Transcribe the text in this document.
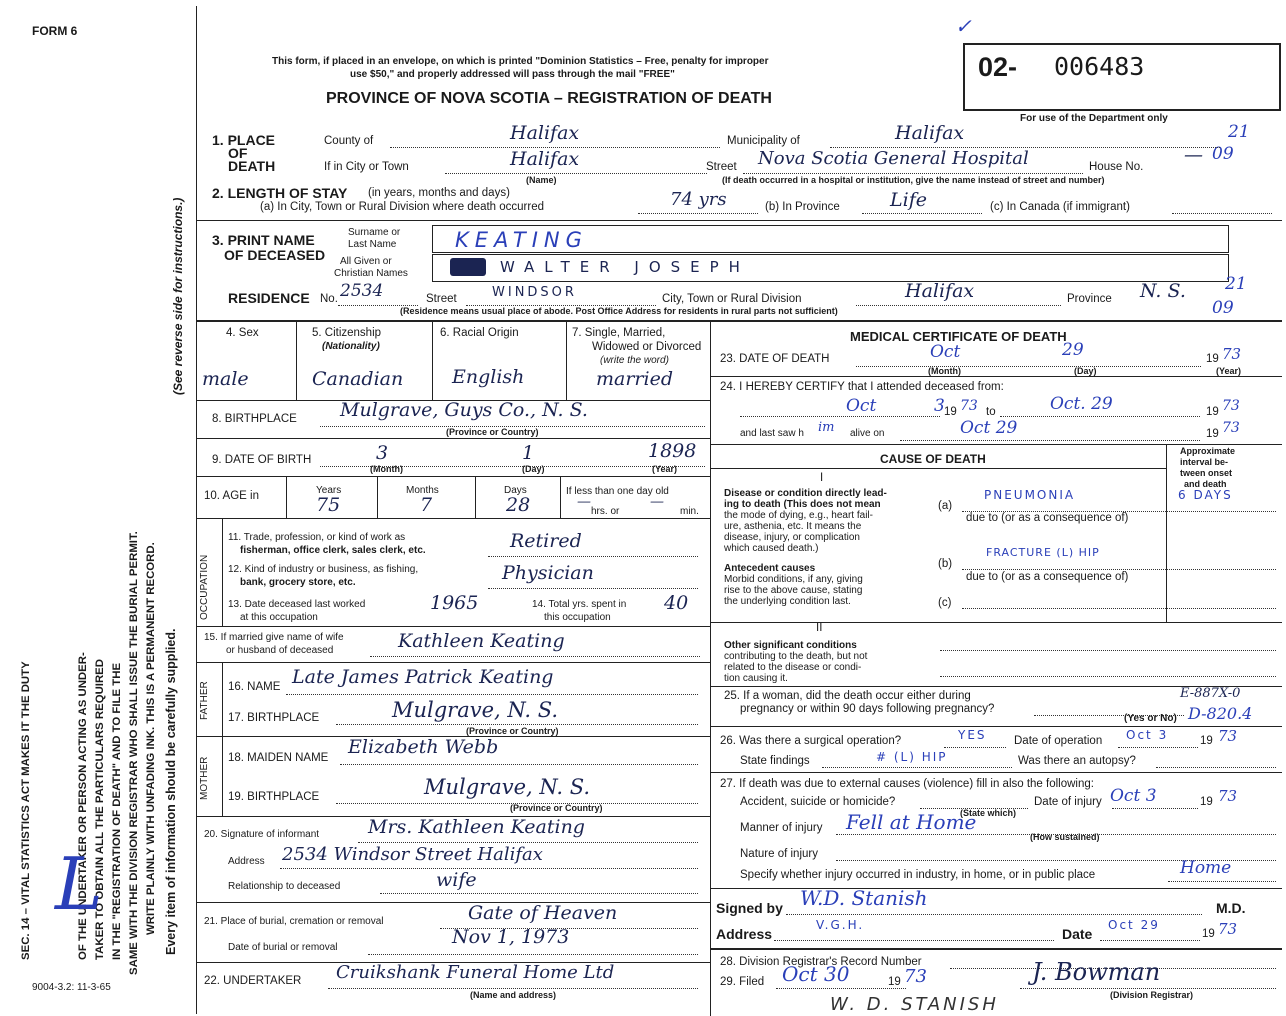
FORM 6
SEC. 14 – VITAL STATISTICS ACT MAKES IT THE DUTY	OF THE UNDERTAKER OR PERSON ACTING AS UNDER- TAKER TO OBTAIN ALL THE PARTICULARS REQUIRED IN THE "REGISTRATION OF DEATH" AND TO FILE THE SAME WITH THE DIVISION REGISTRAR WHO SHALL ISSUE THE BURIAL PERMIT. WRITE PLAINLY WITH UNFADING INK. THIS IS A PERMANENT RECORD. Every item of information should be carefully supplied.
(See reverse side for instructions.)
L
9004-3.2: 11-3-65
This form, if placed in an envelope, on which is printed "Dominion Statistics – Free, penalty for improper
use $50," and properly addressed will pass through the mail "FREE"
PROVINCE OF NOVA SCOTIA – REGISTRATION OF DEATH
02- 006483
For use of the Department only
21
09
✓
1. PLACE
OF
DEATH
County of	Halifax	Municipality of	Halifax
If in City or Town	Halifax
(Name)
Street Nova Scotia General Hospital	House No.
—
(If death occurred in a hospital or institution, give the name instead of street and number)
2. LENGTH OF STAY (in years, months and days)
(a) In City, Town or Rural Division where death occurred	74 yrs	(b) In Province	Life	(c) In Canada (if immigrant)
3. PRINT NAME
OF DECEASED
Surname or
Last Name
All Given or
Christian Names
KEATING
WALTER JOSEPH
RESIDENCE No. 2534	Street	WINDSOR	City, Town or Rural Division	Halifax	Province N. S. 21
09
(Residence means usual place of abode. Post Office Address for residents in rural parts not sufficient)
4. Sex
male
5. Citizenship
(Nationality)
Canadian
6. Racial Origin
English
7. Single, Married,
Widowed or Divorced
(write the word)
married
8. BIRTHPLACE Mulgrave, Guys Co., N. S.
(Province or Country)
9. DATE OF BIRTH	3	1	1898
(Month)	(Day)	(Year)
10. AGE in	Years
75
Months
7
Days
28
If less than one day old
—
hrs. or
—
min.
OCCUPATION
11. Trade, profession, or kind of work as
fisherman, office clerk, sales clerk, etc.	Retired
12. Kind of industry or business, as fishing,
bank, grocery store, etc.	Physician
13. Date deceased last worked
at this occupation
1965	14. Total yrs. spent in
this occupation
40
15. If married give name of wife
or husband of deceased	Kathleen Keating
FATHER 16. NAME Late James Patrick Keating
17. BIRTHPLACE	Mulgrave, N. S.
(Province or Country)
MOTHER 18. MAIDEN NAME Elizabeth Webb
19. BIRTHPLACE	Mulgrave, N. S.
(Province or Country)
20. Signature of informant	Mrs. Kathleen Keating
Address 2534 Windsor Street Halifax
Relationship to deceased	wife
21. Place of burial, cremation or removal	Gate of Heaven
Date of burial or removal	Nov 1, 1973
22. UNDERTAKER Cruikshank Funeral Home Ltd
(Name and address)
MEDICAL CERTIFICATE OF DEATH
23. DATE OF DEATH	Oct	29	19 73
(Month)	(Day)	(Year)
24. I HEREBY CERTIFY that I attended deceased from:
Oct	3 19 73 to	Oct. 29	19 73
and last saw h im alive on	Oct 29	19 73
CAUSE OF DEATH
Approximate
interval be-
tween onset
and death
I
Disease or condition directly lead-
ing to death (This does not mean
the mode of dying, e.g., heart fail-
ure, asthenia, etc. It means the
disease, injury, or complication
which caused death.)
(a)
PNEUMONIA	6 DAYS
due to (or as a consequence of)
Antecedent causes
Morbid conditions, if any, giving
rise to the above cause, stating
the underlying condition last.
(b)
FRACTURE (L) HIP
due to (or as a consequence of)
(c)
II
Other significant conditions
contributing to the death, but not
related to the disease or condi-
tion causing it.
25. If a woman, did the death occur either during
pregnancy or within 90 days following pregnancy?
E-887X-0
(Yes or No) D-820.4
26. Was there a surgical operation?	YES Date of operation Oct 3	19 73
State findings	# (L) HIP	Was there an autopsy?
27. If death was due to external causes (violence) fill in also the following:
Accident, suicide or homicide?
(State which)
Date of injury Oct 3	19 73
Manner of injury Fell at Home
(How sustained)
Nature of injury
Specify whether injury occurred in industry, in home, or in public place	Home
Signed by W.D. Stanish	M.D.
Address
V.G.H.
Date
Oct 29
19 73
28. Division Registrar's Record Number
29. Filed Oct 30	19 73	J. Bowman
(Division Registrar)
W. D. STANISH
